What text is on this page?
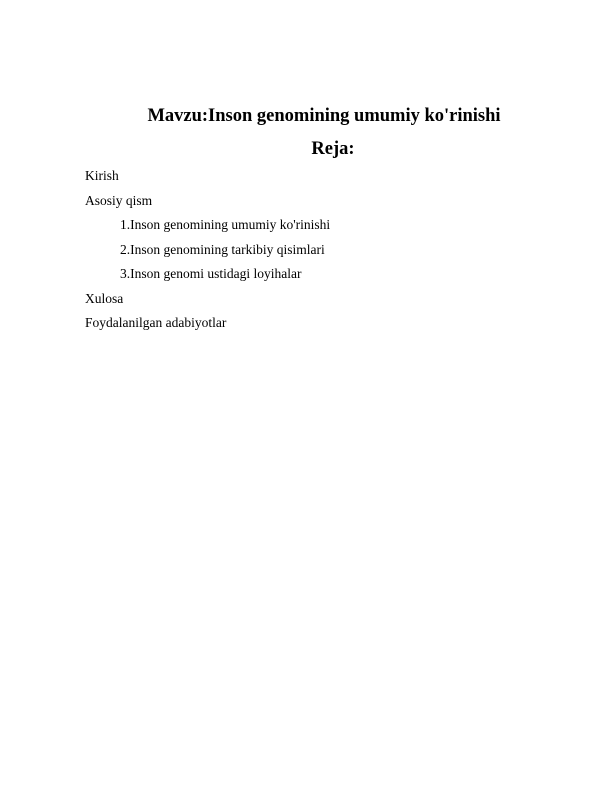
Mavzu:Inson genomining umumiy ko'rinishi
Reja:
Kirish
Asosiy qism
1.Inson genomining umumiy ko'rinishi
2.Inson genomining tarkibiy qisimlari
3.Inson genomi ustidagi loyihalar
Xulosa
Foydalanilgan adabiyotlar
